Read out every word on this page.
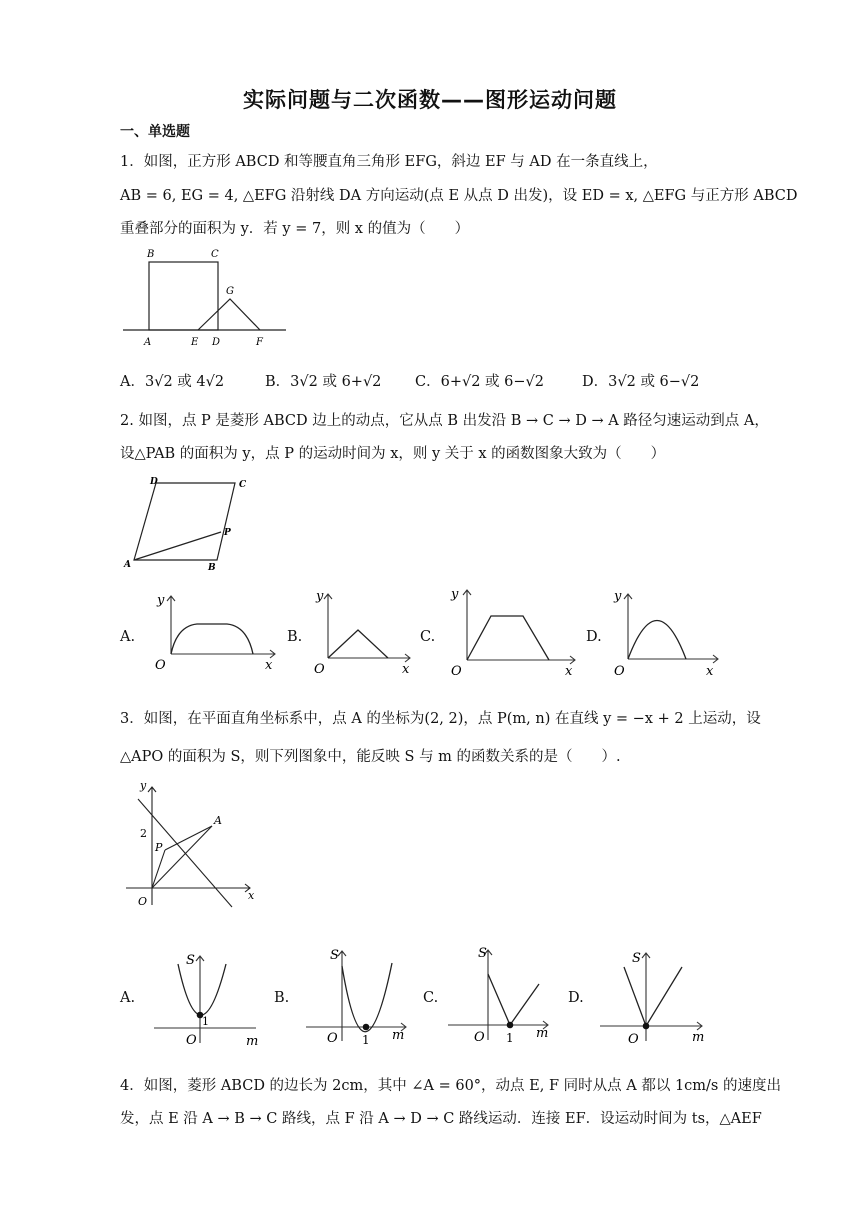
实际问题与二次函数——图形运动问题
一、单选题
1．如图，正方形 ABCD 和等腰直角三角形 EFG，斜边 EF 与 AD 在一条直线上，
AB = 6, EG = 4, △EFG 沿射线 DA 方向运动(点 E 从点 D 出发)，设 ED = x, △EFG 与正方形 ABCD
重叠部分的面积为 y．若 y = 7，则 x 的值为（　　）
B	C
G
A	E D	F
A．3√2 或 4√2	B．3√2 或 6+√2 C．6+√2 或 6−√2	D．3√2 或 6−√2
2. 如图，点 P 是菱形 ABCD 边上的动点，它从点 B 出发沿 B → C → D → A 路径匀速运动到点 A，
设△PAB 的面积为 y，点 P 的运动时间为 x，则 y 关于 x 的函数图象大致为（　　）
D	C
P
A	B
A.
y
O	x
B.
y
O	x
C.
y
O	x
D.
y
O	x
3．如图，在平面直角坐标系中，点 A 的坐标为(2, 2)，点 P(m, n) 在直线 y = −x + 2 上运动，设
△APO 的面积为 S，则下列图象中，能反映 S 与 m 的函数关系的是（　　）.
y
2
P
A
O	x
A.
S
1
O	m
B.
S
O 1 m
C.
S
O 1 m
D.
S
O	m
4．如图，菱形 ABCD 的边长为 2cm，其中 ∠A = 60°，动点 E, F 同时从点 A 都以 1cm/s 的速度出
发，点 E 沿 A → B → C 路线，点 F 沿 A → D → C 路线运动．连接 EF．设运动时间为 ts，△AEF
